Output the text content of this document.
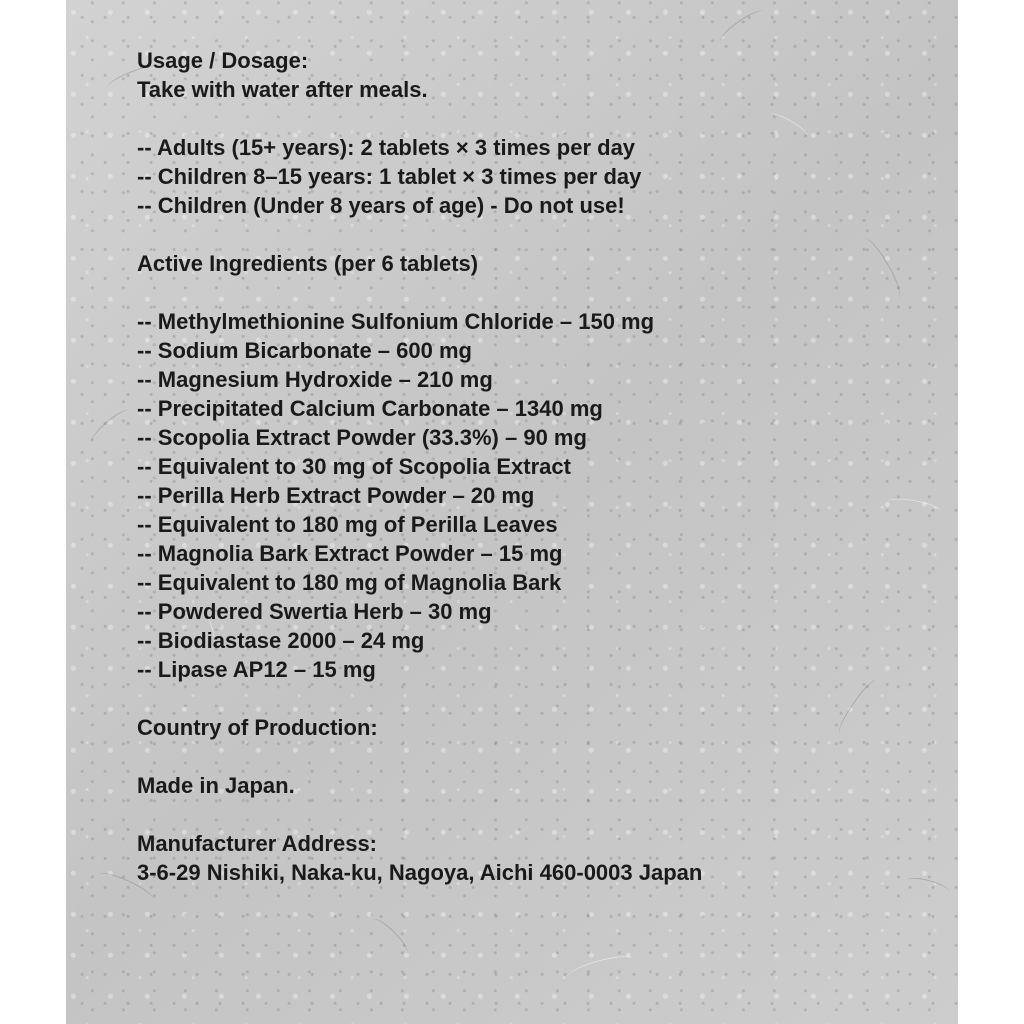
Usage / Dosage:
Take with water after meals.
-- Adults (15+ years): 2 tablets × 3 times per day
-- Children 8–15 years: 1 tablet × 3 times per day
-- Children (Under 8 years of age) - Do not use!
Active Ingredients (per 6 tablets)
-- Methylmethionine Sulfonium Chloride – 150 mg
-- Sodium Bicarbonate – 600 mg
-- Magnesium Hydroxide – 210 mg
-- Precipitated Calcium Carbonate – 1340 mg
-- Scopolia Extract Powder (33.3%) – 90 mg
-- Equivalent to 30 mg of Scopolia Extract
-- Perilla Herb Extract Powder – 20 mg
-- Equivalent to 180 mg of Perilla Leaves
-- Magnolia Bark Extract Powder – 15 mg
-- Equivalent to 180 mg of Magnolia Bark
-- Powdered Swertia Herb – 30 mg
-- Biodiastase 2000 – 24 mg
-- Lipase AP12 – 15 mg
Country of Production:
Made in Japan.
Manufacturer Address:
3-6-29 Nishiki, Naka-ku, Nagoya, Aichi 460-0003 Japan
